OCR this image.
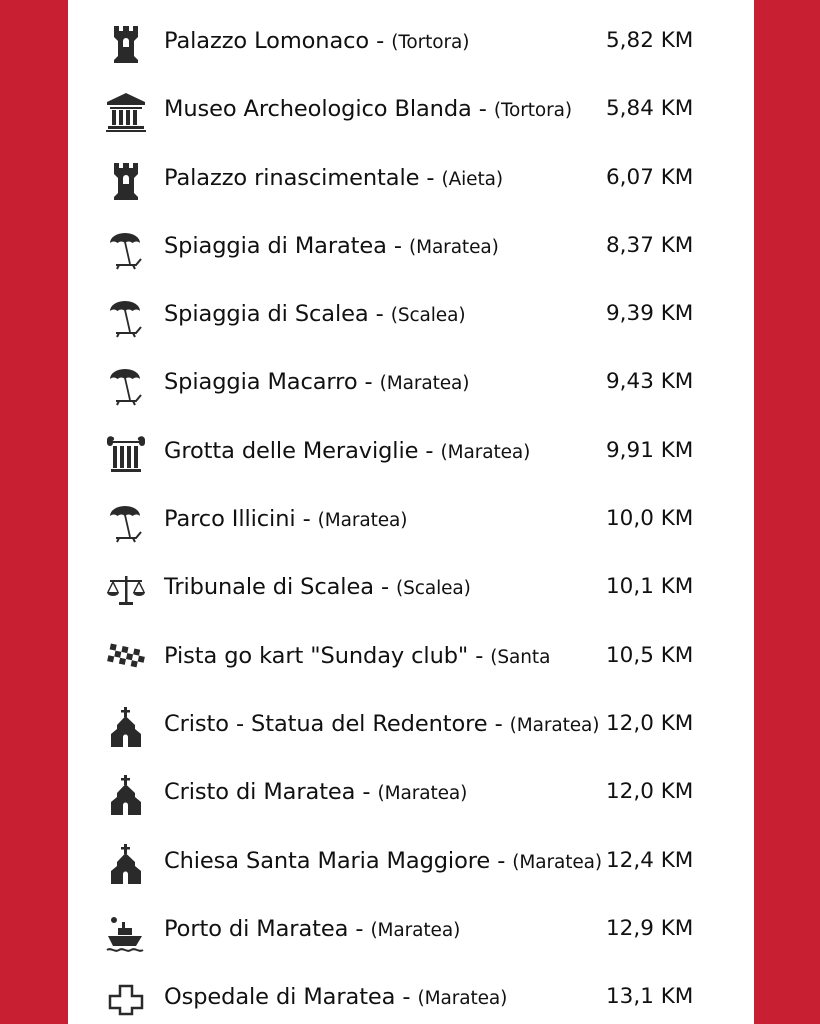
Palazzo Lomonaco - (Tortora)	5,82 KM
Museo Archeologico Blanda - (Tortora) 5,84 KM
Palazzo rinascimentale - (Aieta)	6,07 KM
Spiaggia di Maratea - (Maratea)	8,37 KM
Spiaggia di Scalea - (Scalea)	9,39 KM
Spiaggia Macarro - (Maratea)	9,43 KM
Grotta delle Meraviglie - (Maratea)	9,91 KM
Parco Illicini - (Maratea)	10,0 KM
Tribunale di Scalea - (Scalea)	10,1 KM
Pista go kart "Sunday club" - (Santa	10,5 KM
Cristo - Statua del Redentore - (Maratea) 12,0 KM
Cristo di Maratea - (Maratea)	12,0 KM
Chiesa Santa Maria Maggiore - (Maratea) 12,4 KM
Porto di Maratea - (Maratea)	12,9 KM
Ospedale di Maratea - (Maratea)	13,1 KM
